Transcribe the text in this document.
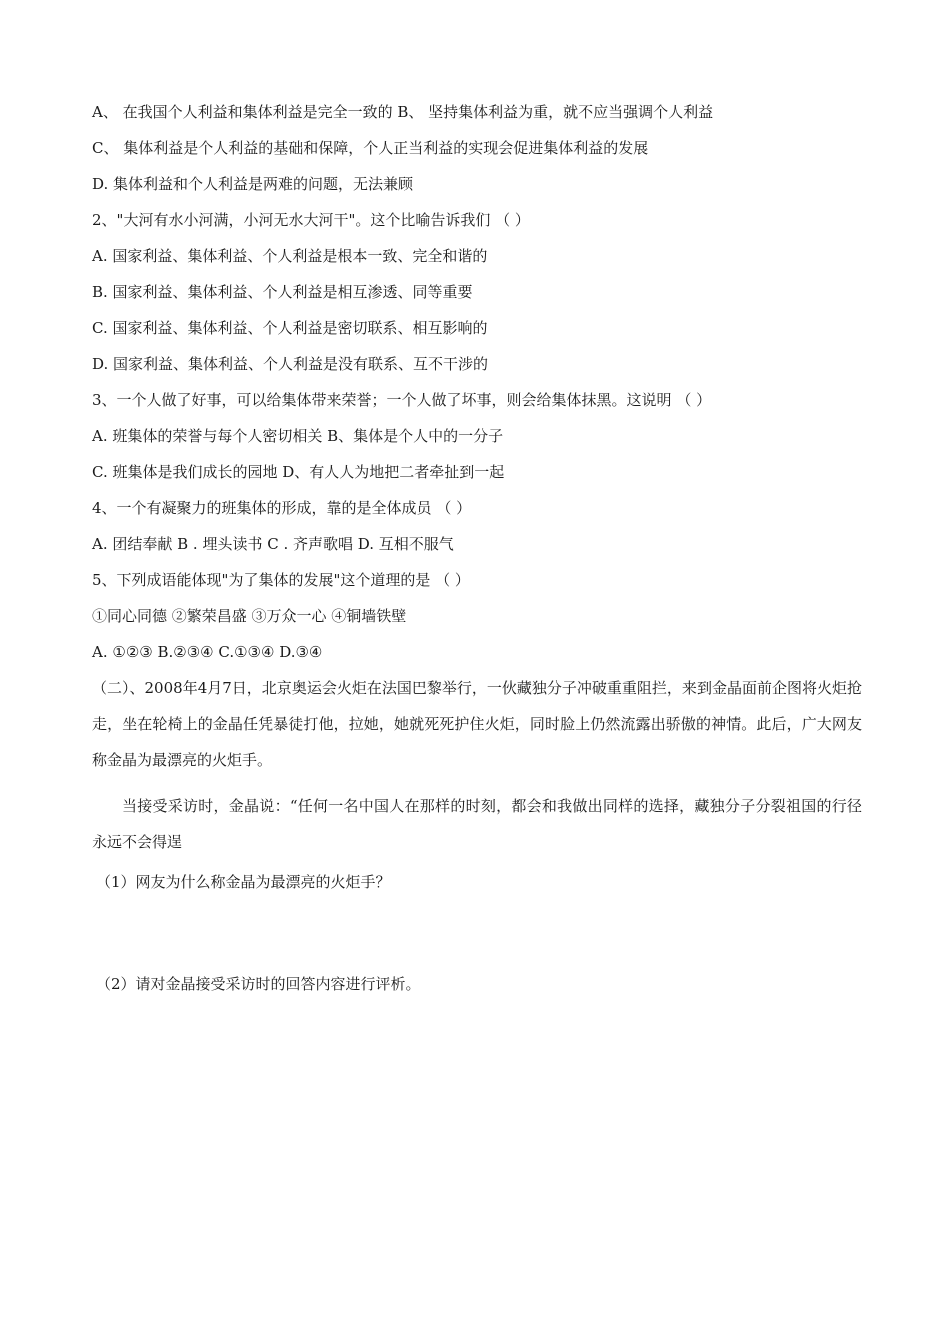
A、 在我国个人利益和集体利益是完全一致的 B、 坚持集体利益为重，就不应当强调个人利益
C、 集体利益是个人利益的基础和保障，个人正当利益的实现会促进集体利益的发展
D. 集体利益和个人利益是两难的问题，无法兼顾
2、"大河有水小河满，小河无水大河干"。这个比喻告诉我们 （ ）
A. 国家利益、集体利益、个人利益是根本一致、完全和谐的
B. 国家利益、集体利益、个人利益是相互渗透、同等重要
C. 国家利益、集体利益、个人利益是密切联系、相互影响的
D. 国家利益、集体利益、个人利益是没有联系、互不干涉的
3、一个人做了好事，可以给集体带来荣誉；一个人做了坏事，则会给集体抹黑。这说明 （ ）
A. 班集体的荣誉与每个人密切相关 B、集体是个人中的一分子
C. 班集体是我们成长的园地 D、有人人为地把二者牵扯到一起
4、一个有凝聚力的班集体的形成，靠的是全体成员 （ ）
A. 团结奉献 B . 埋头读书 C . 齐声歌唱 D. 互相不服气
5、下列成语能体现"为了集体的发展"这个道理的是 （ ）
①同心同德 ②繁荣昌盛 ③万众一心 ④铜墙铁壁
A. ①②③ B.②③④ C.①③④ D.③④
（二）、2008年4月7日，北京奥运会火炬在法国巴黎举行，一伙藏独分子冲破重重阻拦，来到金晶面前企图将火炬抢走，坐在轮椅上的金晶任凭暴徒打他，拉她，她就死死护住火炬，同时脸上仍然流露出骄傲的神情。此后，广大网友称金晶为最漂亮的火炬手。
当接受采访时，金晶说：“任何一名中国人在那样的时刻，都会和我做出同样的选择，藏独分子分裂祖国的行径永远不会得逞
（1）网友为什么称金晶为最漂亮的火炬手？
（2）请对金晶接受采访时的回答内容进行评析。
